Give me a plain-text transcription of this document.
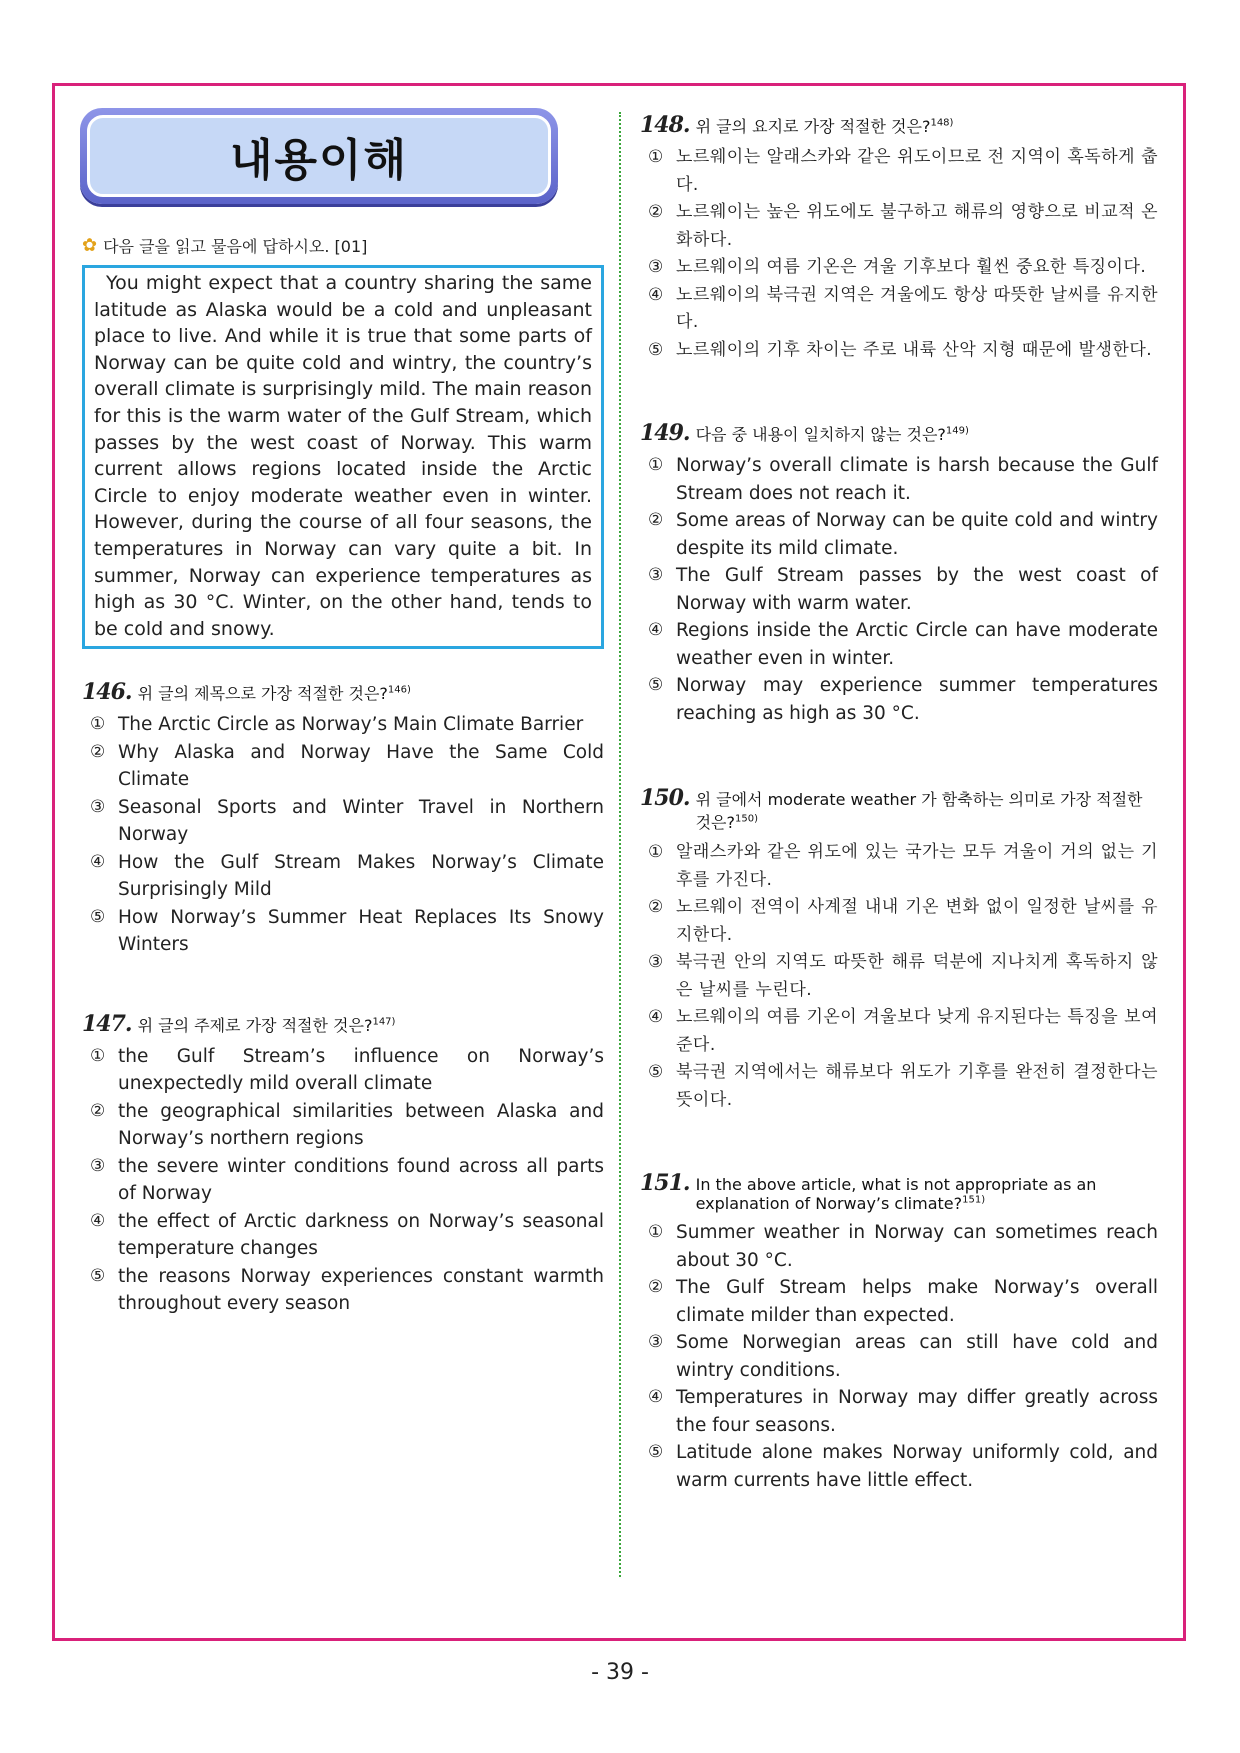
내용이해
✿ 다음 글을 읽고 물음에 답하시오. [01]

You might expect that a country sharing the same latitude as Alaska would be a cold and unpleasant place to live. And while it is true that some parts of Norway can be quite cold and wintry, the country’s overall climate is surprisingly mild. The main reason for this is the warm water of the Gulf Stream, which passes by the west coast of Norway. This warm current allows regions located inside the Arctic Circle to enjoy moderate weather even in winter. However, during the course of all four seasons, the temperatures in Norway can vary quite a bit. In summer, Norway can experience temperatures as high as 30 °C. Winter, on the other hand, tends to be cold and snowy.

146. 위 글의 제목으로 가장 적절한 것은?$^{146)}$
① The Arctic Circle as Norway’s Main Climate Barrier
② Why Alaska and Norway Have the Same Cold Climate
③ Seasonal Sports and Winter Travel in Northern Norway
④ How the Gulf Stream Makes Norway’s Climate Surprisingly Mild
⑤ How Norway’s Summer Heat Replaces Its Snowy Winters
147. 위 글의 주제로 가장 적절한 것은?$^{147)}$
① the Gulf Stream’s influence on Norway’s unexpectedly mild overall climate
② the geographical similarities between Alaska and Norway’s northern regions
③ the severe winter conditions found across all parts of Norway
④ the effect of Arctic darkness on Norway’s seasonal temperature changes
⑤ the reasons Norway experiences constant warmth throughout every season
148. 위 글의 요지로 가장 적절한 것은?$^{148)}$
① 노르웨이는 알래스카와 같은 위도이므로 전 지역이 혹독하게 춥다.
② 노르웨이는 높은 위도에도 불구하고 해류의 영향으로 비교적 온화하다.
③ 노르웨이의 여름 기온은 겨울 기후보다 훨씬 중요한 특징이다.
④ 노르웨이의 북극권 지역은 겨울에도 항상 따뜻한 날씨를 유지한다.
⑤ 노르웨이의 기후 차이는 주로 내륙 산악 지형 때문에 발생한다.
149. 다음 중 내용이 일치하지 않는 것은?$^{149)}$
① Norway’s overall climate is harsh because the Gulf Stream does not reach it.
② Some areas of Norway can be quite cold and wintry despite its mild climate.
③ The Gulf Stream passes by the west coast of Norway with warm water.
④ Regions inside the Arctic Circle can have moderate weather even in winter.
⑤ Norway may experience summer temperatures reaching as high as 30 °C.
150. 위 글에서 moderate weather 가 함축하는 의미로 가장 적절한 것은?$^{150)}$
① 알래스카와 같은 위도에 있는 국가는 모두 겨울이 거의 없는 기후를 가진다.
② 노르웨이 전역이 사계절 내내 기온 변화 없이 일정한 날씨를 유지한다.
③ 북극권 안의 지역도 따뜻한 해류 덕분에 지나치게 혹독하지 않은 날씨를 누린다.
④ 노르웨이의 여름 기온이 겨울보다 낮게 유지된다는 특징을 보여 준다.
⑤ 북극권 지역에서는 해류보다 위도가 기후를 완전히 결정한다는 뜻이다.
151. In the above article, what is not appropriate as an explanation of Norway’s climate?$^{151)}$
① Summer weather in Norway can sometimes reach about 30 °C.
② The Gulf Stream helps make Norway’s overall climate milder than expected.
③ Some Norwegian areas can still have cold and wintry conditions.
④ Temperatures in Norway may differ greatly across the four seasons.
⑤ Latitude alone makes Norway uniformly cold, and warm currents have little effect.
- 39 -
